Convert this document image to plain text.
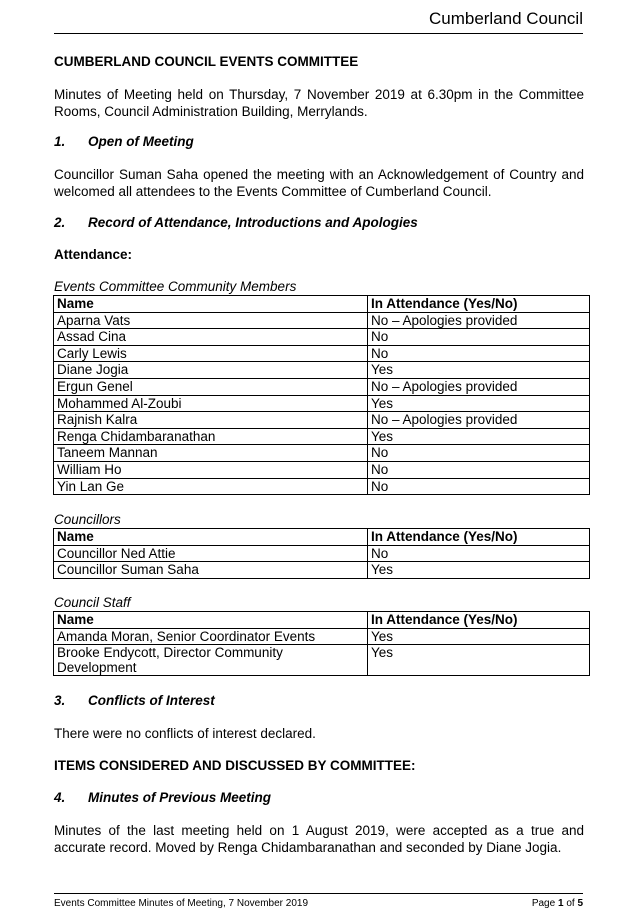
Cumberland Council
CUMBERLAND COUNCIL EVENTS COMMITTEE
Minutes of Meeting held on Thursday, 7 November 2019 at 6.30pm in the Committee Rooms, Council Administration Building, Merrylands.
1. Open of Meeting
Councillor Suman Saha opened the meeting with an Acknowledgement of Country and welcomed all attendees to the Events Committee of Cumberland Council.
2. Record of Attendance, Introductions and Apologies
Attendance:
Events Committee Community Members
Name	In Attendance (Yes/No)
Aparna Vats	No – Apologies provided
Assad Cina	No
Carly Lewis	No
Diane Jogia	Yes
Ergun Genel	No – Apologies provided
Mohammed Al-Zoubi	Yes
Rajnish Kalra	No – Apologies provided
Renga Chidambaranathan	Yes
Taneem Mannan	No
William Ho	No
Yin Lan Ge	No
Councillors
Name	In Attendance (Yes/No)
Councillor Ned Attie	No
Councillor Suman Saha	Yes
Council Staff
Name	In Attendance (Yes/No)
Amanda Moran, Senior Coordinator Events	Yes
Brooke Endycott, Director Community Development	Yes
3. Conflicts of Interest
There were no conflicts of interest declared.
ITEMS CONSIDERED AND DISCUSSED BY COMMITTEE:
4. Minutes of Previous Meeting
Minutes of the last meeting held on 1 August 2019, were accepted as a true and accurate record. Moved by Renga Chidambaranathan and seconded by Diane Jogia.
Events Committee Minutes of Meeting, 7 November 2019	Page 1 of 5
